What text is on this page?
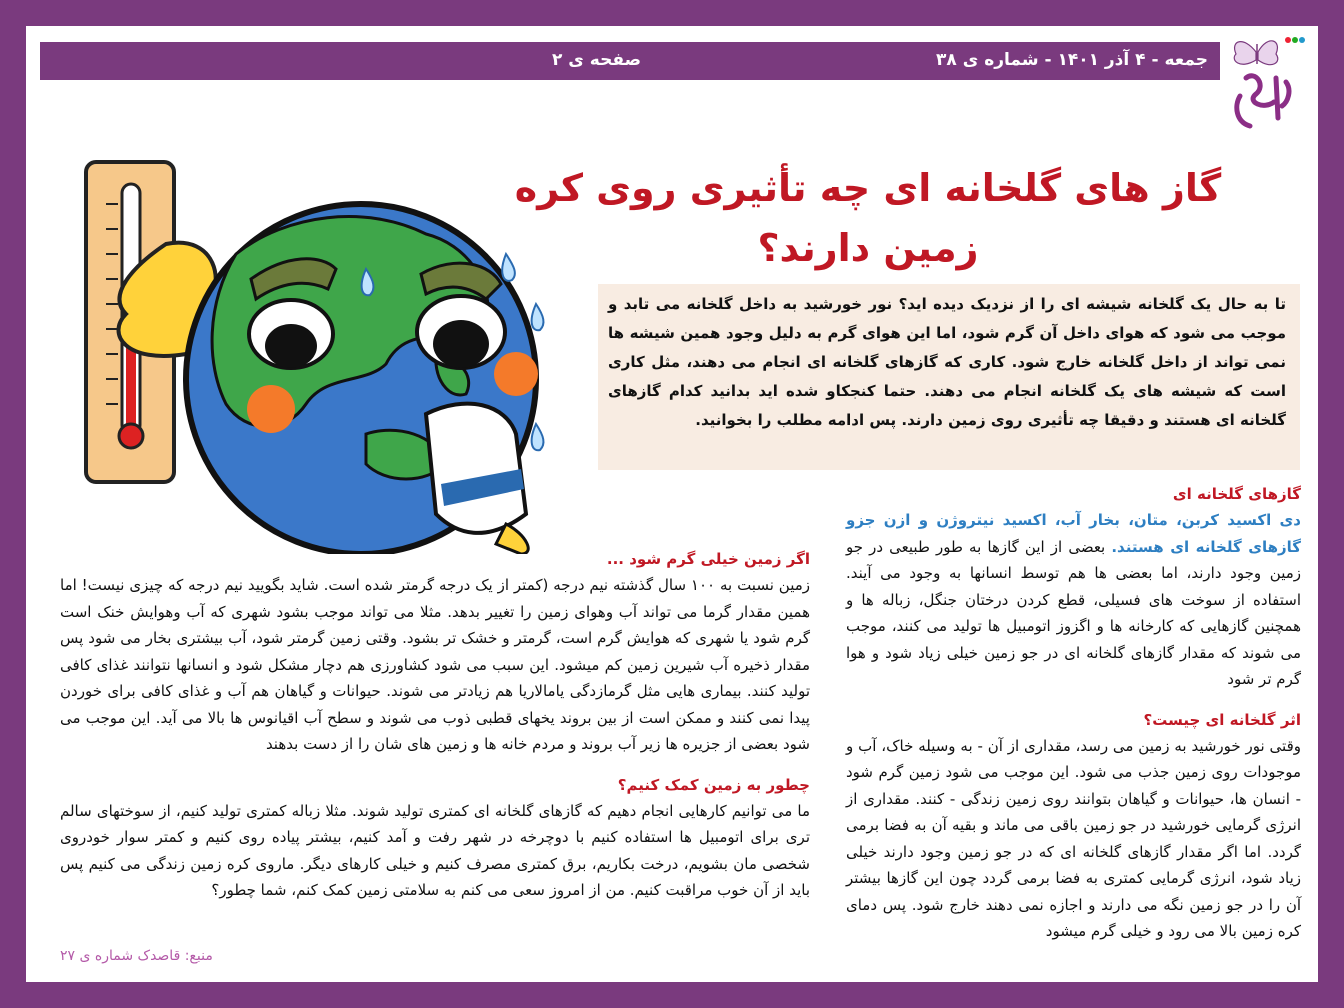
جمعه - ۴ آذر ۱۴۰۱ - شماره ی ۳۸
صفحه ی ۲
گاز های گلخانه ای چه تأثیری روی کره زمین دارند؟
تا به حال یک گلخانه شیشه ای را از نزدیک دیده اید؟ نور خورشید به داخل گلخانه می تابد و موجب می شود که هوای داخل آن گرم شود، اما این هوای گرم به دلیل وجود همین شیشه ها نمی تواند از داخل گلخانه خارج شود. کاری که گازهای گلخانه ای انجام می دهند، مثل کاری است که شیشه های یک گلخانه انجام می دهند. حتما کنجکاو شده اید بدانید کدام گازهای گلخانه ای هستند و دقیقا چه تأثیری روی زمین دارند. پس ادامه مطلب را بخوانید.
گازهای گلخانه ای
دی اکسید کربن، متان، بخار آب، اکسید نیتروژن و ازن جزو گازهای گلخانه ای هستند. بعضی از این گازها به طور طبیعی در جو زمین وجود دارند، اما بعضی ها هم توسط انسانها به وجود می آیند. استفاده از سوخت های فسیلی، قطع کردن درختان جنگل، زباله ها و همچنین گازهایی که کارخانه ها و اگزوز اتومبیل ها تولید می کنند، موجب می شوند که مقدار گازهای گلخانه ای در جو زمین خیلی زیاد شود و هوا گرم تر شود
اثر گلخانه ای چیست؟
وقتی نور خورشید به زمین می رسد، مقداری از آن - به وسیله خاک، آب و موجودات روی زمین جذب می شود. این موجب می شود زمین گرم شود - انسان ها، حیوانات و گیاهان بتوانند روی زمین زندگی - کنند. مقداری از انرژی گرمایی خورشید در جو زمین باقی می ماند و بقیه آن به فضا برمی گردد. اما اگر مقدار گازهای گلخانه ای که در جو زمین وجود دارند خیلی زیاد شود، انرژی گرمایی کمتری به فضا برمی گردد چون این گازها بیشتر آن را در جو زمین نگه می دارند و اجازه نمی دهند خارج شود. پس دمای کره زمین بالا می رود و خیلی گرم میشود
اگر زمین خیلی گرم شود ...
زمین نسبت به ۱۰۰ سال گذشته نیم درجه (کمتر از یک درجه گرمتر شده است. شاید بگویید نیم درجه که چیزی نیست! اما همین مقدار گرما می تواند آب وهوای زمین را تغییر بدهد. مثلا می تواند موجب بشود شهری که آب وهوایش خنک است گرم شود یا شهری که هوایش گرم است، گرمتر و خشک تر بشود. وقتی زمین گرمتر شود، آب بیشتری بخار می شود پس مقدار ذخیره آب شیرین زمین کم میشود. این سبب می شود کشاورزی هم دچار مشکل شود و انسانها نتوانند غذای کافی تولید کنند. بیماری هایی مثل گرمازدگی یامالاریا هم زیادتر می شوند. حیوانات و گیاهان هم آب و غذای کافی برای خوردن پیدا نمی کنند و ممکن است از بین بروند یخهای قطبی ذوب می شوند و سطح آب اقیانوس ها بالا می آید. این موجب می شود بعضی از جزیره ها زیر آب بروند و مردم خانه ها و زمین های شان را از دست بدهند
چطور به زمین کمک کنیم؟
ما می توانیم کارهایی انجام دهیم که گازهای گلخانه ای کمتری تولید شوند. مثلا زباله کمتری تولید کنیم، از سوختهای سالم تری برای اتومبیل ها استفاده کنیم با دوچرخه در شهر رفت و آمد کنیم، بیشتر پیاده روی کنیم و کمتر سوار خودروی شخصی مان بشویم، درخت بکاریم، برق کمتری مصرف کنیم و خیلی کارهای دیگر. ماروی کره زمین زندگی می کنیم پس باید از آن خوب مراقبت کنیم. من از امروز سعی می کنم به سلامتی زمین کمک کنم، شما چطور؟
منبع: قاصدک شماره ی ۲۷
